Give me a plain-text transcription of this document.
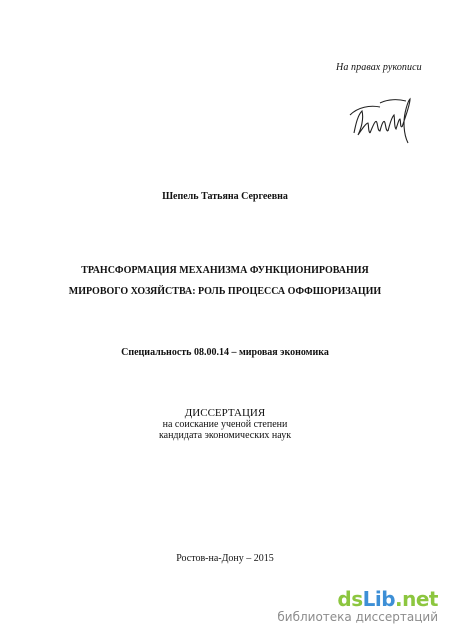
На правах рукописи
Шепель Татьяна Сергеевна
ТРАНСФОРМАЦИЯ МЕХАНИЗМА ФУНКЦИОНИРОВАНИЯ
МИРОВОГО ХОЗЯЙСТВА: РОЛЬ ПРОЦЕССА ОФФШОРИЗАЦИИ
Специальность 08.00.14 – мировая экономика
ДИССЕРТАЦИЯ
на соискание ученой степени
кандидата экономических наук
Ростов-на-Дону – 2015
dsLib.net
библиотека диссертаций
